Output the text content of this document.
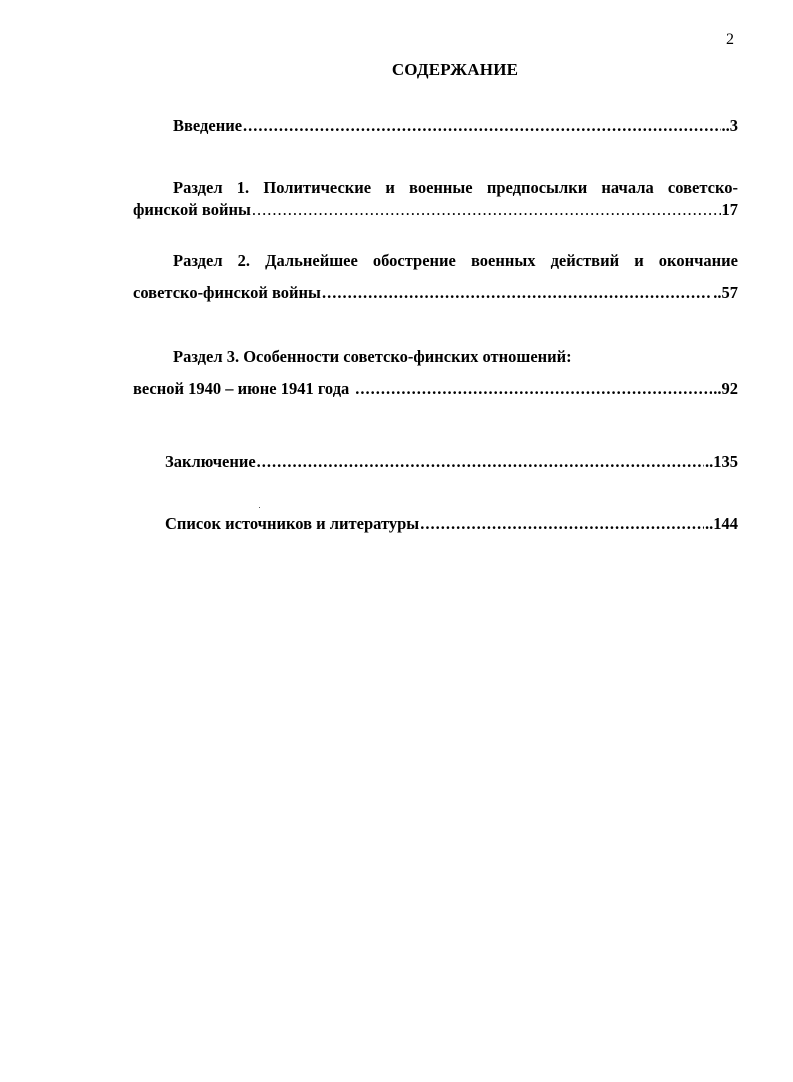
2
СОДЕРЖАНИЕ
Введение .....	..3
Раздел 1. Политические и военные предпосылки начала советско-
финской войны .....	17
Раздел 2. Дальнейшее обострение военных действий и окончание
советско-финской войны .....	..57
Раздел 3. Особенности советско-финских отношений:
весной 1940 – июне 1941 года .....	..92
Заключение .....	..135
Список источников и литературы .....	..144
